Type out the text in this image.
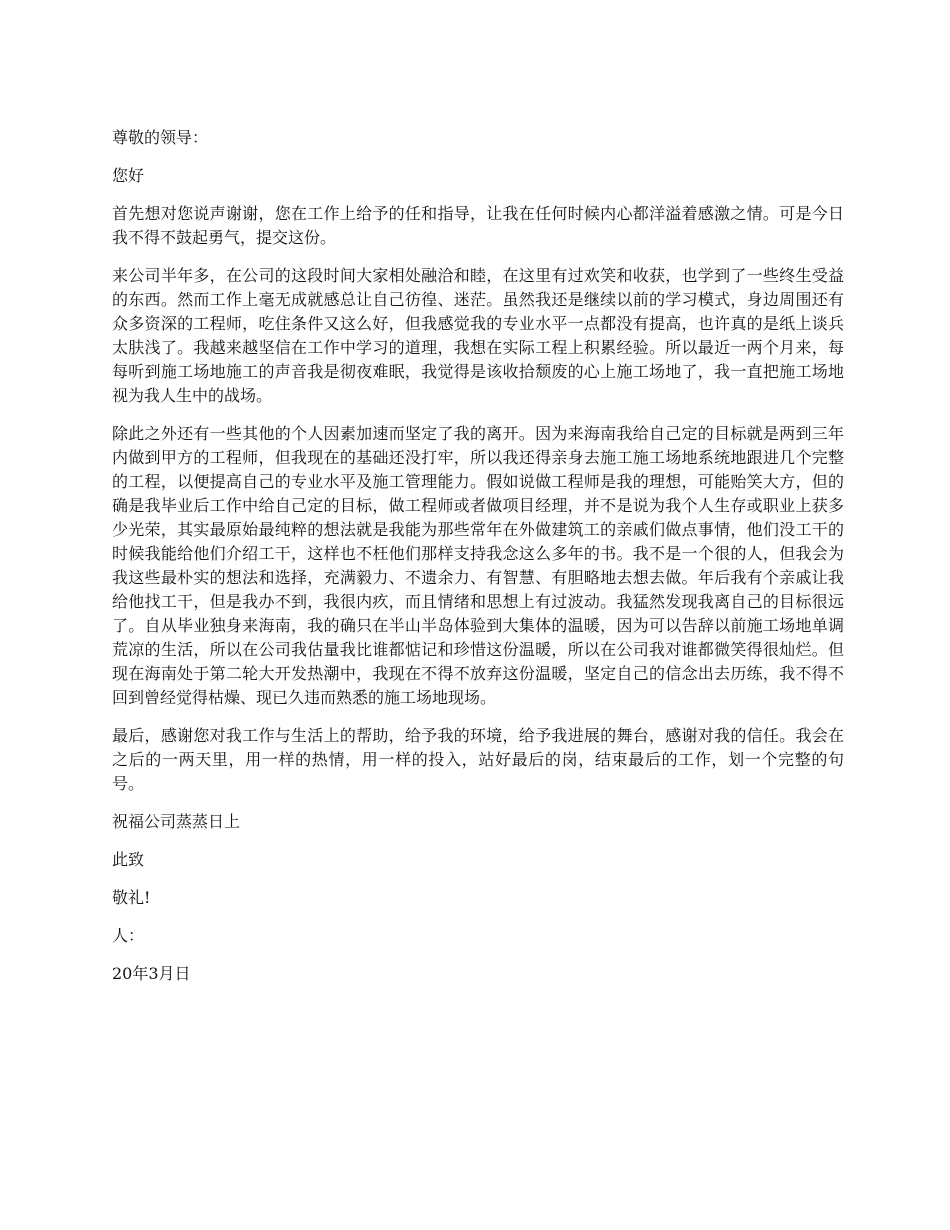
尊敬的领导：

您好

首先想对您说声谢谢，您在工作上给予的任和指导，让我在任何时候内心都洋溢着感激之情。可是今日我不得不鼓起勇气，提交这份。

来公司半年多，在公司的这段时间大家相处融洽和睦，在这里有过欢笑和收获，也学到了一些终生受益的东西。然而工作上毫无成就感总让自己彷徨、迷茫。虽然我还是继续以前的学习模式，身边周围还有众多资深的工程师，吃住条件又这么好，但我感觉我的专业水平一点都没有提高，也许真的是纸上谈兵太肤浅了。我越来越坚信在工作中学习的道理，我想在实际工程上积累经验。所以最近一两个月来，每每听到施工场地施工的声音我是彻夜难眠，我觉得是该收拾颓废的心上施工场地了，我一直把施工场地视为我人生中的战场。

除此之外还有一些其他的个人因素加速而坚定了我的离开。因为来海南我给自己定的目标就是两到三年内做到甲方的工程师，但我现在的基础还没打牢，所以我还得亲身去施工施工场地系统地跟进几个完整的工程，以便提高自己的专业水平及施工管理能力。假如说做工程师是我的理想，可能贻笑大方，但的确是我毕业后工作中给自己定的目标，做工程师或者做项目经理，并不是说为我个人生存或职业上获多少光荣，其实最原始最纯粹的想法就是我能为那些常年在外做建筑工的亲戚们做点事情，他们没工干的时候我能给他们介绍工干，这样也不枉他们那样支持我念这么多年的书。我不是一个很的人，但我会为我这些最朴实的想法和选择，充满毅力、不遗余力、有智慧、有胆略地去想去做。年后我有个亲戚让我给他找工干，但是我办不到，我很内疚，而且情绪和思想上有过波动。我猛然发现我离自己的目标很远了。自从毕业独身来海南，我的确只在半山半岛体验到大集体的温暖，因为可以告辞以前施工场地单调荒凉的生活，所以在公司我估量我比谁都惦记和珍惜这份温暖，所以在公司我对谁都微笑得很灿烂。但现在海南处于第二轮大开发热潮中，我现在不得不放弃这份温暖，坚定自己的信念出去历练，我不得不回到曾经觉得枯燥、现已久违而熟悉的施工场地现场。

最后，感谢您对我工作与生活上的帮助，给予我的环境，给予我进展的舞台，感谢对我的信任。我会在之后的一两天里，用一样的热情，用一样的投入，站好最后的岗，结束最后的工作，划一个完整的句号。

祝福公司蒸蒸日上

此致

敬礼!

人：

20年3月日
